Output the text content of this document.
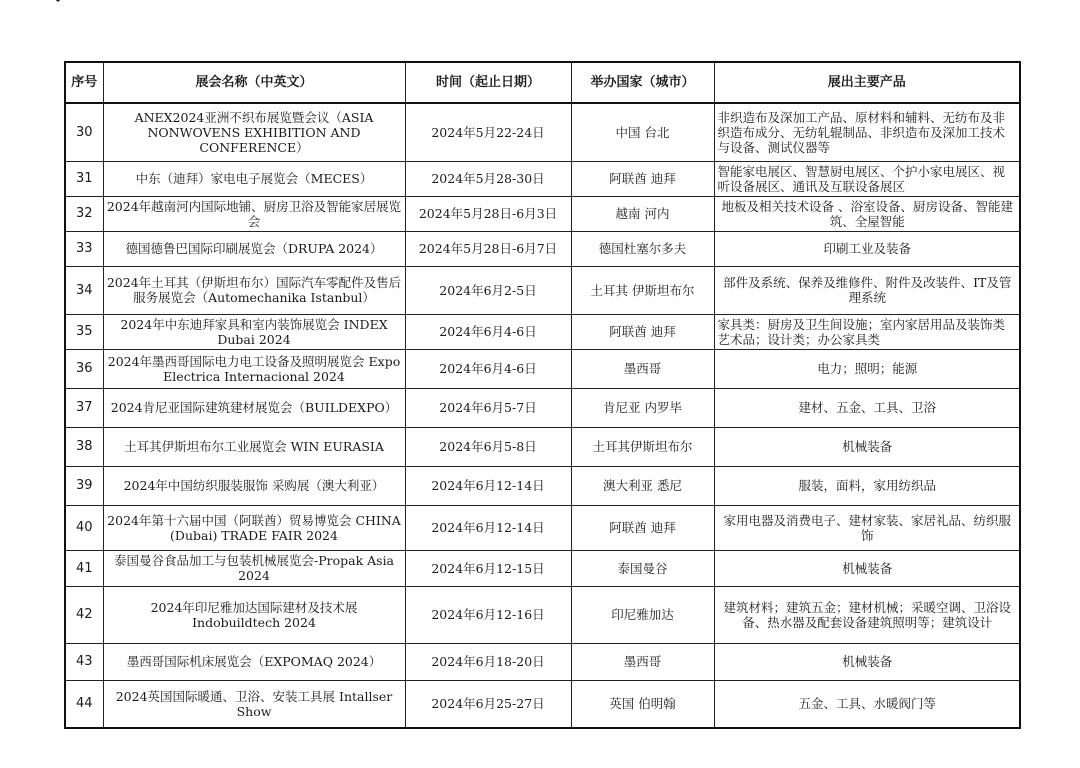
序号	展会名称（中英文）	时间（起止日期）	举办国家（城市）	展出主要产品
30	ANEX2024亚洲不织布展览暨会议（ASIA NONWOVENS EXHIBITION AND CONFERENCE）	2024年5月22-24日	中国 台北	非织造布及深加工产品、原材料和辅料、无纺布及非织造布成分、无纺轧辊制品、非织造布及深加工技术与设备、测试仪器等
31	中东（迪拜）家电电子展览会（MECES）	2024年5月28-30日	阿联酋 迪拜	智能家电展区、智慧厨电展区、个护小家电展区、视听设备展区、通讯及互联设备展区
32	2024年越南河内国际地铺、厨房卫浴及智能家居展览会	2024年5月28日-6月3日	越南 河内	地板及相关技术设备 、浴室设备、厨房设备、智能建筑、全屋智能
33	德国德鲁巴国际印刷展览会（DRUPA 2024）	2024年5月28日-6月7日	德国杜塞尔多夫	印刷工业及装备
34	2024年土耳其（伊斯坦布尔）国际汽车零配件及售后服务展览会（Automechanika Istanbul）	2024年6月2-5日	土耳其 伊斯坦布尔	部件及系统、保养及维修件、附件及改装件、IT及管理系统
35	2024年中东迪拜家具和室内装饰展览会 INDEX Dubai 2024	2024年6月4-6日	阿联酋 迪拜	家具类：厨房及卫生间设施；室内家居用品及装饰类艺术品；设计类；办公家具类
36	2024年墨西哥国际电力电工设备及照明展览会 Expo Electrica Internacional 2024	2024年6月4-6日	墨西哥	电力；照明；能源
37	2024肯尼亚国际建筑建材展览会（BUILDEXPO）	2024年6月5-7日	肯尼亚 内罗毕	建材、五金、工具、卫浴
38	土耳其伊斯坦布尔工业展览会 WIN EURASIA	2024年6月5-8日	土耳其伊斯坦布尔	机械装备
39	2024年中国纺织服装服饰 采购展（澳大利亚）	2024年6月12-14日	澳大利亚 悉尼	服装，面料，家用纺织品
40	2024年第十六届中国（阿联酋）贸易博览会 CHINA (Dubai) TRADE FAIR 2024	2024年6月12-14日	阿联酋 迪拜	家用电器及消费电子、建材家装、家居礼品、纺织服饰
41	泰国曼谷食品加工与包装机械展览会-Propak Asia 2024	2024年6月12-15日	泰国曼谷	机械装备
42	2024年印尼雅加达国际建材及技术展 Indobuildtech 2024	2024年6月12-16日	印尼雅加达	建筑材料；建筑五金；建材机械；采暖空调、卫浴设备、热水器及配套设备建筑照明等；建筑设计
43	墨西哥国际机床展览会（EXPOMAQ 2024）	2024年6月18-20日	墨西哥	机械装备
44	2024英国国际暖通、卫浴、安装工具展 Intallser Show	2024年6月25-27日	英国 伯明翰	五金、工具、水暖阀门等
